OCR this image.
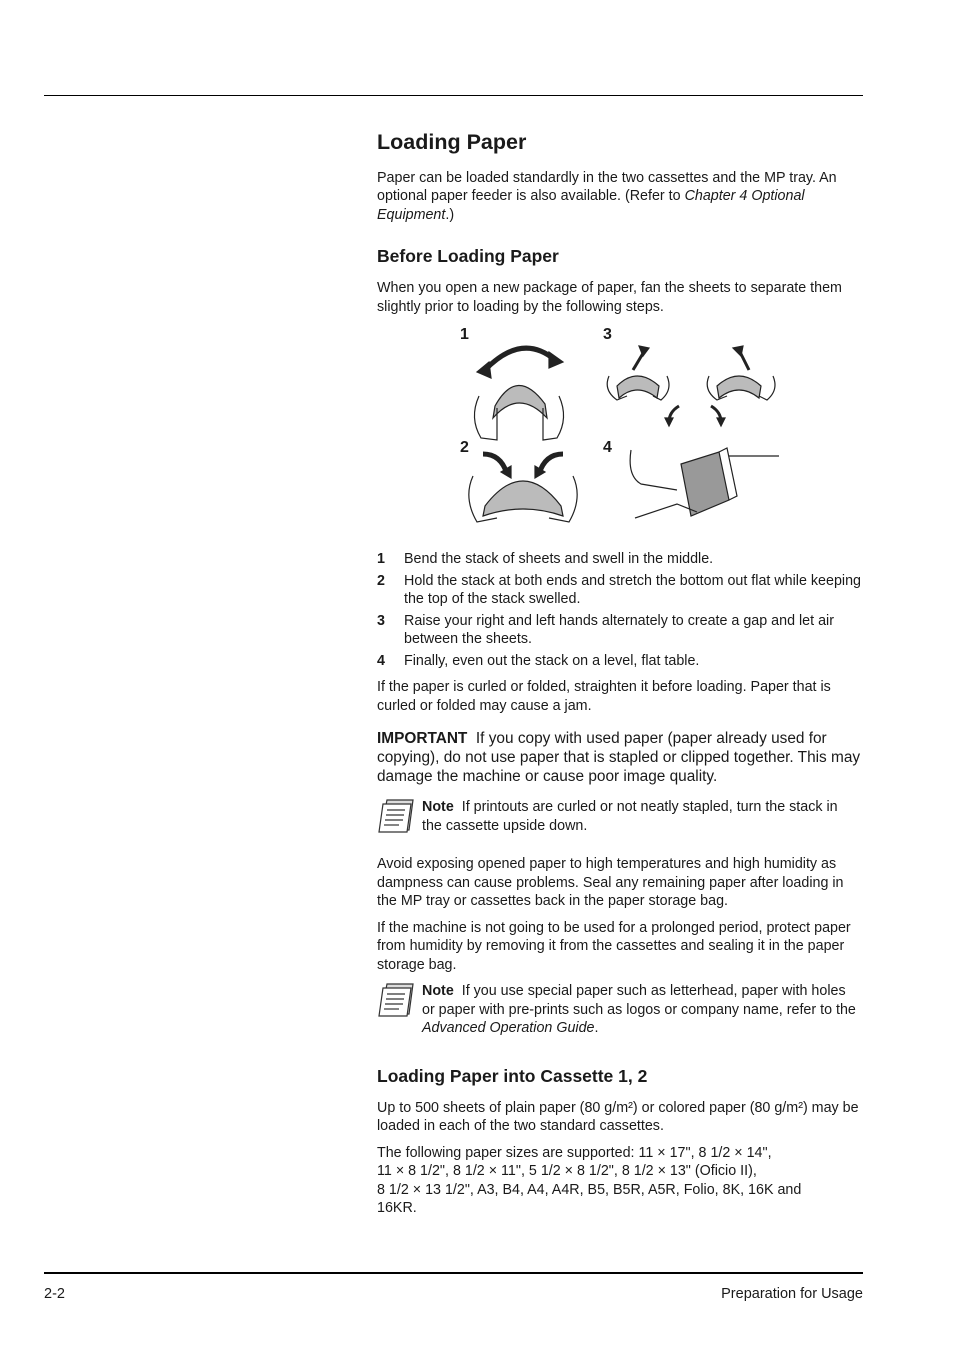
Loading Paper

Paper can be loaded standardly in the two cassettes and the MP tray. An optional paper feeder is also available. (Refer to Chapter 4 Optional Equipment.)

Before Loading Paper

When you open a new package of paper, fan the sheets to separate them slightly prior to loading by the following steps.

1	3
2	4
1	Bend the stack of sheets and swell in the middle.
2	Hold the stack at both ends and stretch the bottom out flat while keeping the top of the stack swelled.
3	Raise your right and left hands alternately to create a gap and let air between the sheets.
4	Finally, even out the stack on a level, flat table.

If the paper is curled or folded, straighten it before loading. Paper that is curled or folded may cause a jam.

IMPORTANT If you copy with used paper (paper already used for copying), do not use paper that is stapled or clipped together. This may damage the machine or cause poor image quality.

Note If printouts are curled or not neatly stapled, turn the stack in the cassette upside down.

Avoid exposing opened paper to high temperatures and high humidity as dampness can cause problems. Seal any remaining paper after loading in the MP tray or cassettes back in the paper storage bag.

If the machine is not going to be used for a prolonged period, protect paper from humidity by removing it from the cassettes and sealing it in the paper storage bag.

Note If you use special paper such as letterhead, paper with holes or paper with pre-prints such as logos or company name, refer to the Advanced Operation Guide.
Loading Paper into Cassette 1, 2

Up to 500 sheets of plain paper (80 g/m²) or colored paper (80 g/m²) may be loaded in each of the two standard cassettes.

The following paper sizes are supported: 11 × 17", 8 1/2 × 14",
11 × 8 1/2", 8 1/2 × 11", 5 1/2 × 8 1/2", 8 1/2 × 13" (Oficio II),
8 1/2 × 13 1/2", A3, B4, A4, A4R, B5, B5R, A5R, Folio, 8K, 16K and
16KR.

2-2	Preparation for Usage
